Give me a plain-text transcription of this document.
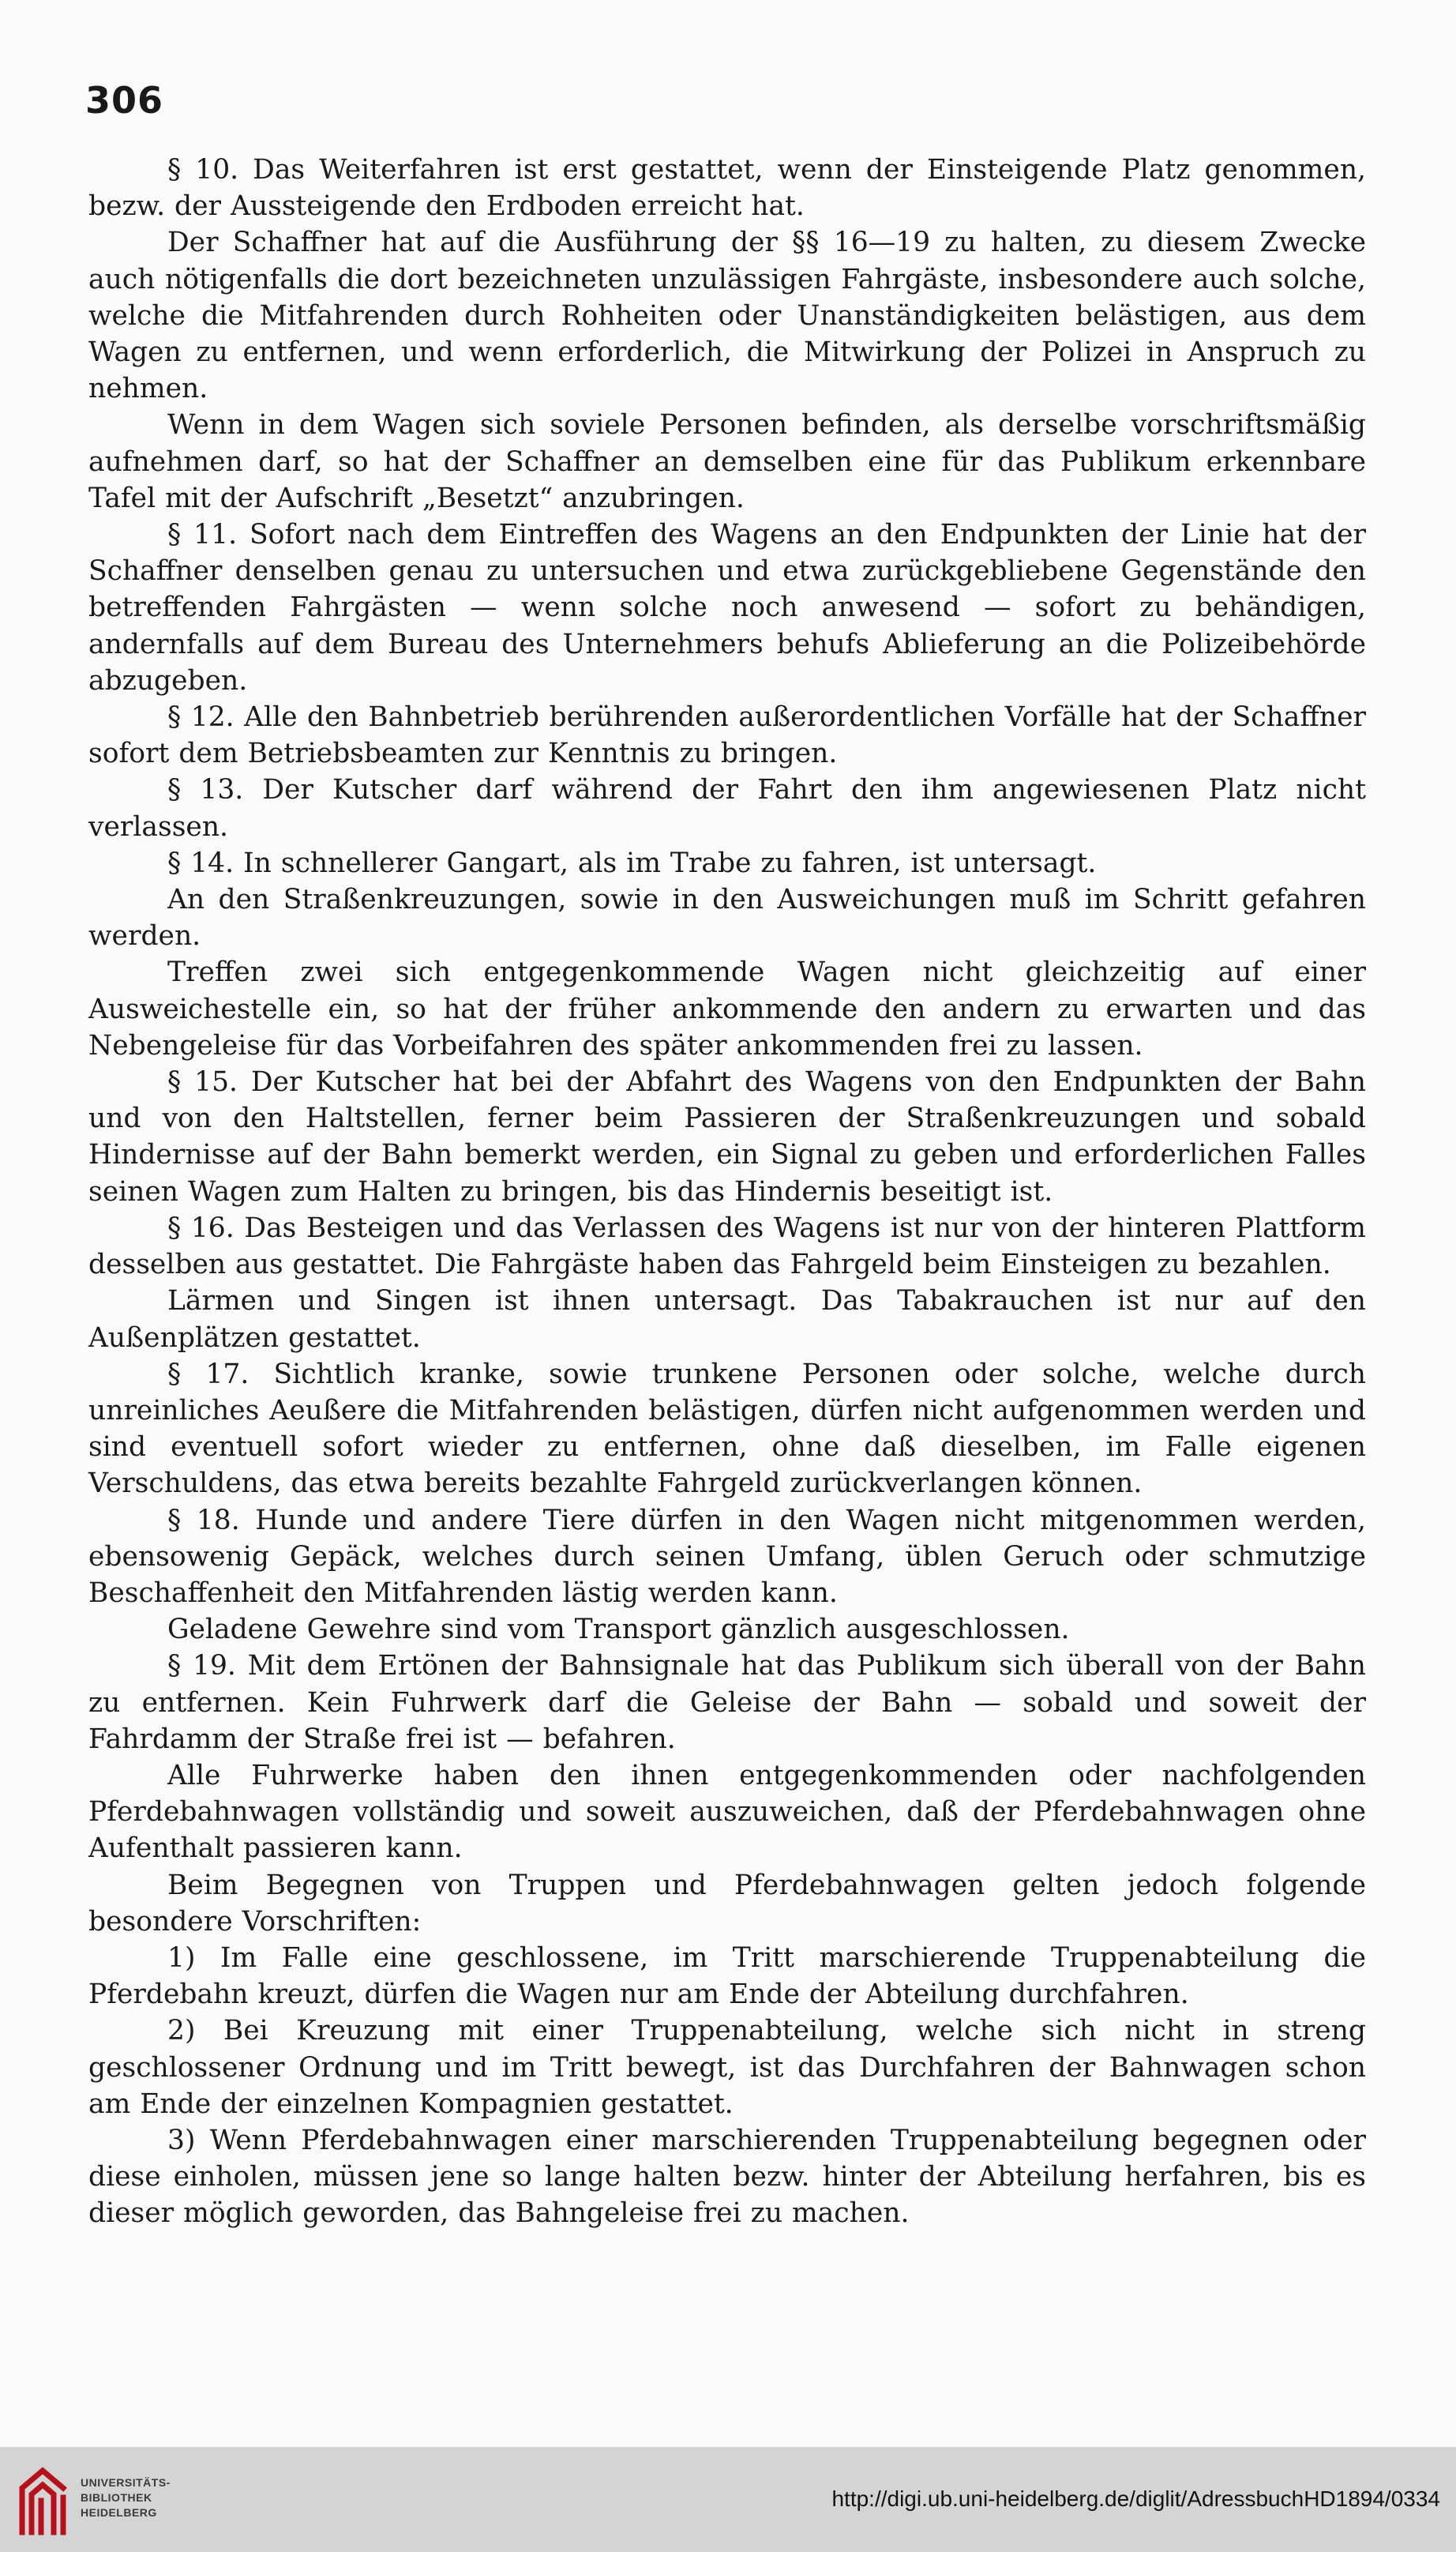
306

§ 10. Das Weiterfahren ist erst gestattet, wenn der Einsteigende Platz genommen, bezw. der Aussteigende den Erdboden erreicht hat.

Der Schaffner hat auf die Ausführung der §§ 16—19 zu halten, zu diesem Zwecke auch nötigenfalls die dort bezeichneten unzulässigen Fahrgäste, insbesondere auch solche, welche die Mitfahrenden durch Rohheiten oder Unanständigkeiten belästigen, aus dem Wagen zu entfernen, und wenn erforderlich, die Mitwirkung der Polizei in Anspruch zu nehmen.

Wenn in dem Wagen sich soviele Personen befinden, als derselbe vorschriftsmäßig aufnehmen darf, so hat der Schaffner an demselben eine für das Publikum erkennbare Tafel mit der Aufschrift „Besetzt“ anzubringen.

§ 11. Sofort nach dem Eintreffen des Wagens an den Endpunkten der Linie hat der Schaffner denselben genau zu untersuchen und etwa zurückgebliebene Gegenstände den betreffenden Fahrgästen — wenn solche noch anwesend — sofort zu behändigen, andernfalls auf dem Bureau des Unternehmers behufs Ablieferung an die Polizeibehörde abzugeben.

§ 12. Alle den Bahnbetrieb berührenden außerordentlichen Vorfälle hat der Schaffner sofort dem Betriebsbeamten zur Kenntnis zu bringen.

§ 13. Der Kutscher darf während der Fahrt den ihm angewiesenen Platz nicht verlassen.

§ 14. In schnellerer Gangart, als im Trabe zu fahren, ist untersagt.

An den Straßenkreuzungen, sowie in den Ausweichungen muß im Schritt gefahren werden.

Treffen zwei sich entgegenkommende Wagen nicht gleichzeitig auf einer Ausweichestelle ein, so hat der früher ankommende den andern zu erwarten und das Nebengeleise für das Vorbeifahren des später ankommenden frei zu lassen.

§ 15. Der Kutscher hat bei der Abfahrt des Wagens von den Endpunkten der Bahn und von den Haltstellen, ferner beim Passieren der Straßenkreuzungen und sobald Hindernisse auf der Bahn bemerkt werden, ein Signal zu geben und erforderlichen Falles seinen Wagen zum Halten zu bringen, bis das Hindernis beseitigt ist.

§ 16. Das Besteigen und das Verlassen des Wagens ist nur von der hinteren Plattform desselben aus gestattet. Die Fahrgäste haben das Fahrgeld beim Einsteigen zu bezahlen.

Lärmen und Singen ist ihnen untersagt. Das Tabakrauchen ist nur auf den Außenplätzen gestattet.

§ 17. Sichtlich kranke, sowie trunkene Personen oder solche, welche durch unreinliches Aeußere die Mitfahrenden belästigen, dürfen nicht aufgenommen werden und sind eventuell sofort wieder zu entfernen, ohne daß dieselben, im Falle eigenen Verschuldens, das etwa bereits bezahlte Fahrgeld zurückverlangen können.

§ 18. Hunde und andere Tiere dürfen in den Wagen nicht mitgenommen werden, ebensowenig Gepäck, welches durch seinen Umfang, üblen Geruch oder schmutzige Beschaffenheit den Mitfahrenden lästig werden kann.

Geladene Gewehre sind vom Transport gänzlich ausgeschlossen.

§ 19. Mit dem Ertönen der Bahnsignale hat das Publikum sich überall von der Bahn zu entfernen. Kein Fuhrwerk darf die Geleise der Bahn — sobald und soweit der Fahrdamm der Straße frei ist — befahren.

Alle Fuhrwerke haben den ihnen entgegenkommenden oder nachfolgenden Pferdebahnwagen vollständig und soweit auszuweichen, daß der Pferdebahnwagen ohne Aufenthalt passieren kann.

Beim Begegnen von Truppen und Pferdebahnwagen gelten jedoch folgende besondere Vorschriften:

1) Im Falle eine geschlossene, im Tritt marschierende Truppenabteilung die Pferdebahn kreuzt, dürfen die Wagen nur am Ende der Abteilung durchfahren.

2) Bei Kreuzung mit einer Truppenabteilung, welche sich nicht in streng geschlossener Ordnung und im Tritt bewegt, ist das Durchfahren der Bahnwagen schon am Ende der einzelnen Kompagnien gestattet.

3) Wenn Pferdebahnwagen einer marschierenden Truppenabteilung begegnen oder diese einholen, müssen jene so lange halten bezw. hinter der Abteilung herfahren, bis es dieser möglich geworden, das Bahngeleise frei zu machen.

UNIVERSITÄTS-
BIBLIOTHEK
HEIDELBERG
http://digi.ub.uni-heidelberg.de/diglit/AdressbuchHD1894/0334
